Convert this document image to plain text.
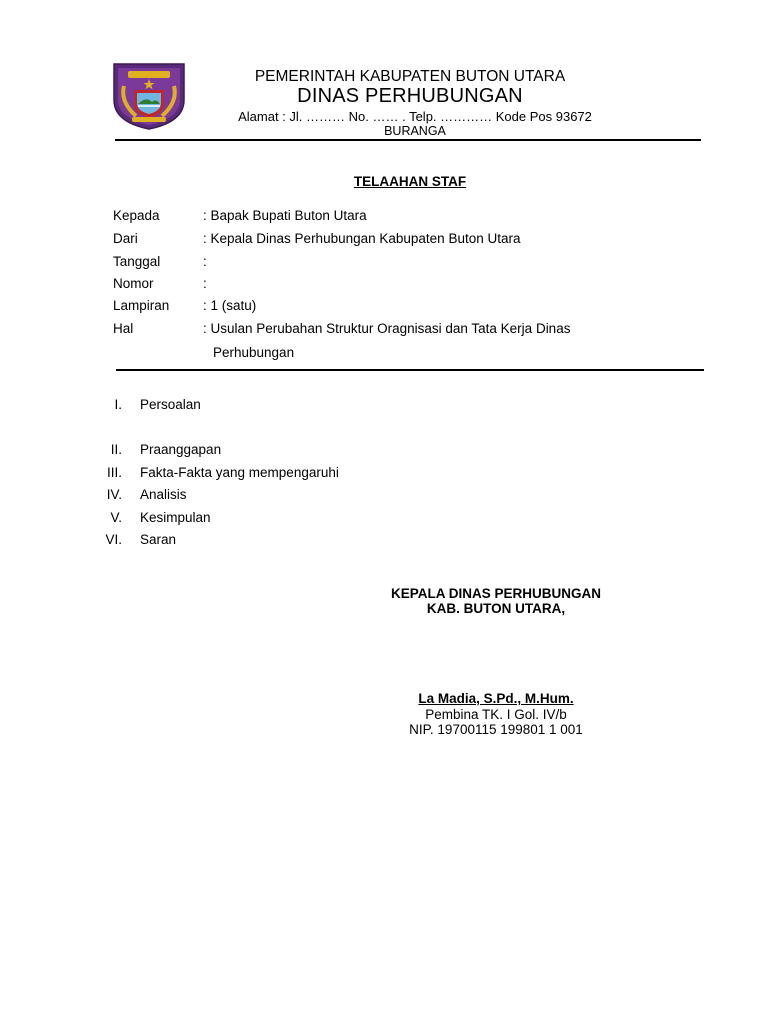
PEMERINTAH KABUPATEN BUTON UTARA
DINAS PERHUBUNGAN
Alamat : Jl. ……… No. …… . Telp. ………… Kode Pos 93672
BURANGA
TELAAHAN STAF
Kepada	: Bapak Bupati Buton Utara
Dari	: Kepala Dinas Perhubungan Kabupaten Buton Utara
Tanggal	:
Nomor	:
Lampiran	: 1 (satu)
Hal	: Usulan Perubahan Struktur Oragnisasi dan Tata Kerja Dinas
Perhubungan
I. Persoalan
II. Praanggapan
III. Fakta-Fakta yang mempengaruhi
IV. Analisis
V. Kesimpulan
VI. Saran
KEPALA DINAS PERHUBUNGAN
KAB. BUTON UTARA,
La Madia, S.Pd., M.Hum.
Pembina TK. I Gol. IV/b
NIP. 19700115 199801 1 001
